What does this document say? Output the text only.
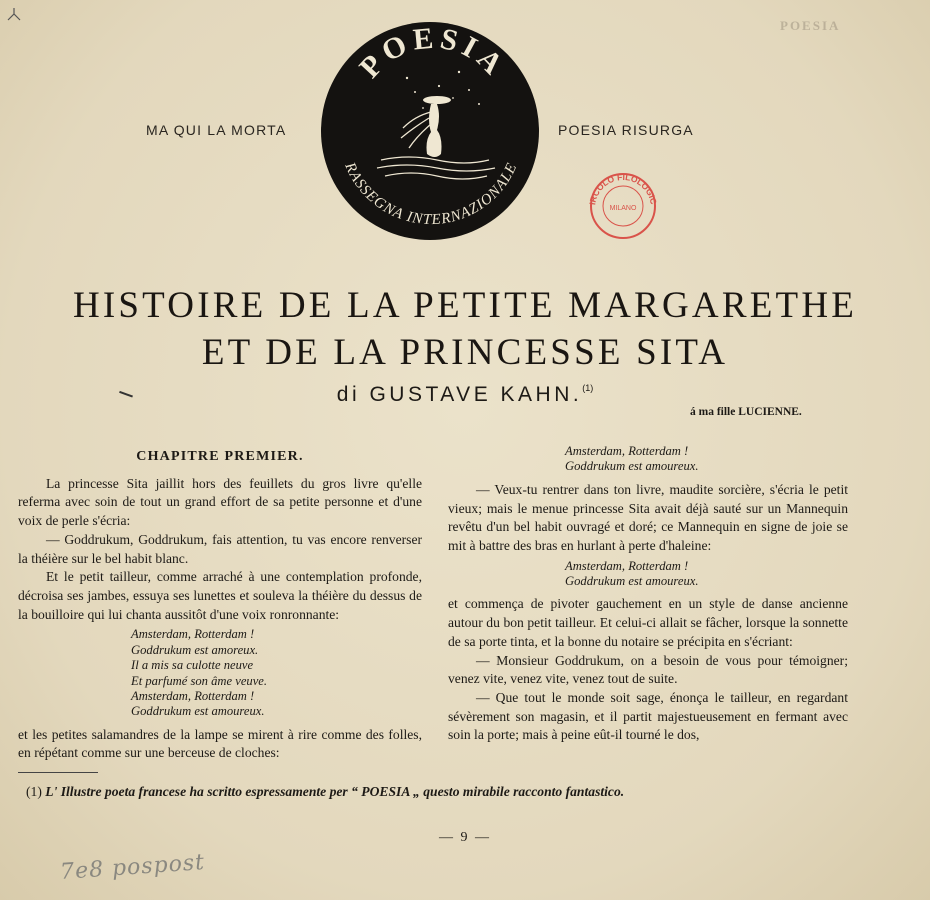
POESIA
MA QUI LA MORTA	POESIA RISURGA
POESIA
RASSEGNA INTERNAZIONALE
IRCOLO FILOLOGIC
MILANO
HISTOIRE DE LA PETITE MARGARETHE
ET DE LA PRINCESSE SITA
di GUSTAVE KAHN.$^{(1)}$
á ma fille LUCIENNE.
CHAPITRE PREMIER.

La princesse Sita jaillit hors des feuillets du gros livre qu'elle referma avec soin de tout un grand effort de sa petite personne et d'une voix de perle s'écria:

— Goddrukum, Goddrukum, fais attention, tu vas encore renverser la théière sur le bel habit blanc.

Et le petit tailleur, comme arraché à une contemplation profonde, décroisa ses jambes, essuya ses lunettes et souleva la théière du dessus de la bouilloire qui lui chanta aussitôt d'une voix ronronnante:

Amsterdam, Rotterdam !
Goddrukum est amoreux.
Il a mis sa culotte neuve
Et parfumé son âme veuve.
Amsterdam, Rotterdam !
Goddrukum est amoureux.

et les petites salamandres de la lampe se mirent à rire comme des folles, en répétant comme sur une berceuse de cloches:

Amsterdam, Rotterdam !
Goddrukum est amoureux.

— Veux-tu rentrer dans ton livre, maudite sorcière, s'écria le petit vieux; mais le menue princesse Sita avait déjà sauté sur un Mannequin revêtu d'un bel habit ouvragé et doré; ce Mannequin en signe de joie se mit à battre des bras en hurlant à perte d'haleine:

Amsterdam, Rotterdam !
Goddrukum est amoureux.

et commença de pivoter gauchement en un style de danse ancienne autour du bon petit tailleur. Et celui-ci allait se fâcher, lorsque la sonnette de sa porte tinta, et la bonne du notaire se précipita en s'écriant:

— Monsieur Goddrukum, on a besoin de vous pour témoigner; venez vite, venez vite, venez tout de suite.

— Que tout le monde soit sage, énonça le tailleur, en regardant sévèrement son magasin, et il partit majestueusement en fermant avec soin la porte; mais à peine eût-il tourné le dos,

(1) L' Illustre poeta francese ha scritto espressamente per “ POESIA „ questo mirabile racconto fantastico.
— 9 —
7e8 pospost
